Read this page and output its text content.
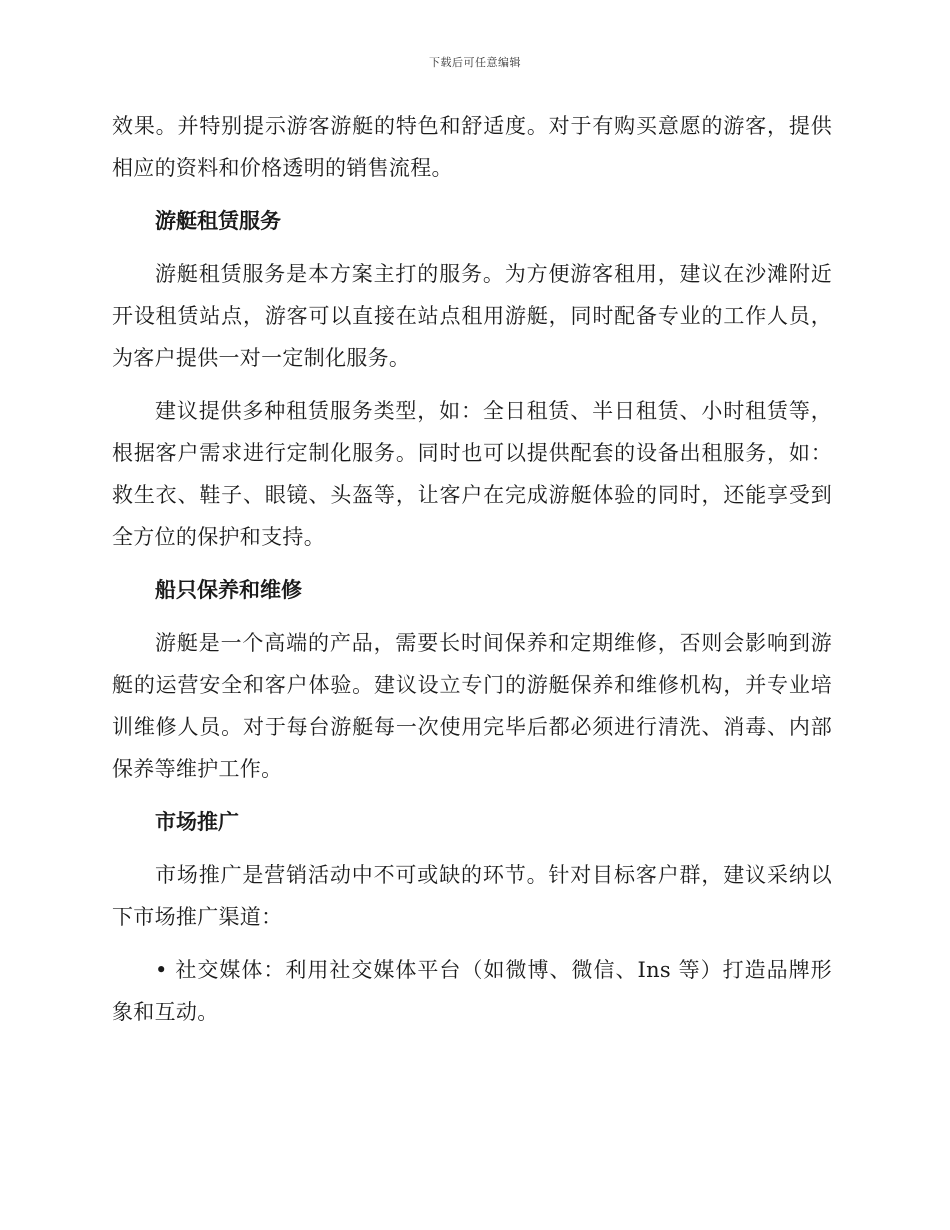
下载后可任意编辑

效果。并特别提示游客游艇的特色和舒适度。对于有购买意愿的游客，提供相应的资料和价格透明的销售流程。

游艇租赁服务

游艇租赁服务是本方案主打的服务。为方便游客租用，建议在沙滩附近开设租赁站点，游客可以直接在站点租用游艇，同时配备专业的工作人员，为客户提供一对一定制化服务。

建议提供多种租赁服务类型，如：全日租赁、半日租赁、小时租赁等，根据客户需求进行定制化服务。同时也可以提供配套的设备出租服务，如：救生衣、鞋子、眼镜、头盔等，让客户在完成游艇体验的同时，还能享受到全方位的保护和支持。

船只保养和维修

游艇是一个高端的产品，需要长时间保养和定期维修，否则会影响到游艇的运营安全和客户体验。建议设立专门的游艇保养和维修机构，并专业培训维修人员。对于每台游艇每一次使用完毕后都必须进行清洗、消毒、内部保养等维护工作。

市场推广

市场推广是营销活动中不可或缺的环节。针对目标客户群，建议采纳以下市场推广渠道：

• 社交媒体：利用社交媒体平台（如微博、微信、Ins 等）打造品牌形象和互动。
